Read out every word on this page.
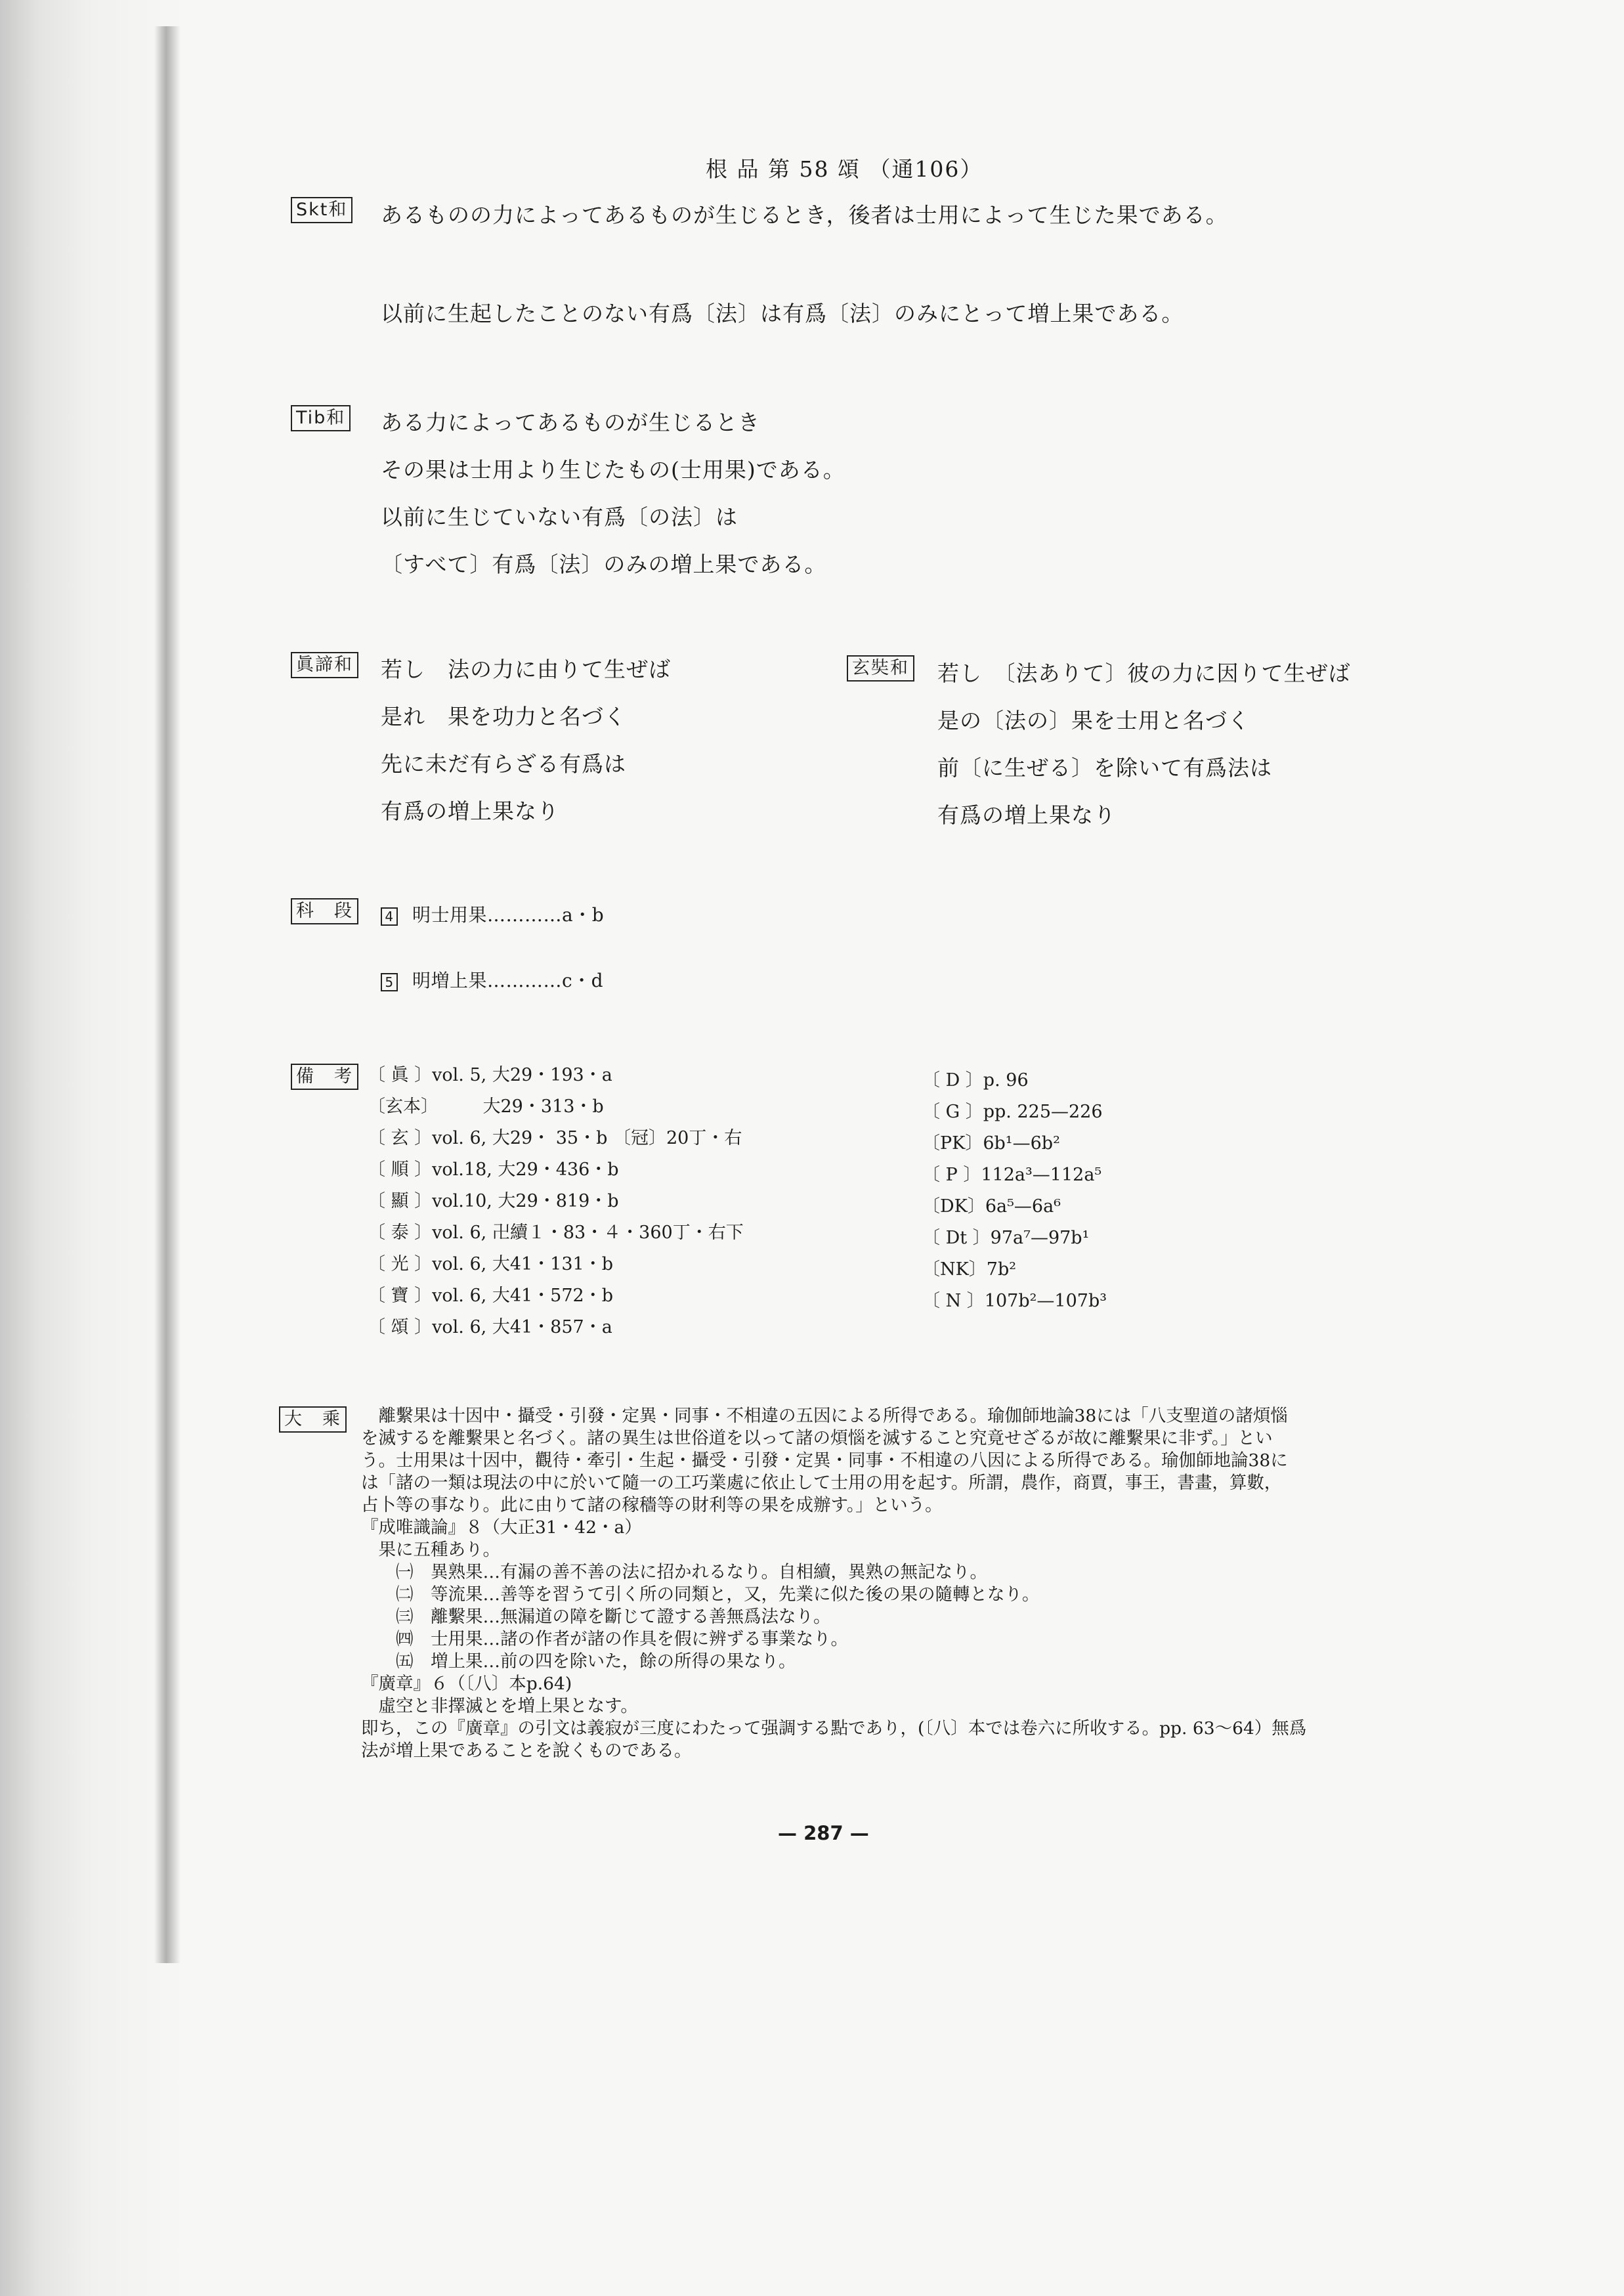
根 品 第 58 頌 （通106）
Skt和 あるものの力によってあるものが生じるとき，後者は士用によって生じた果である。
以前に生起したことのない有爲〔法〕は有爲〔法〕のみにとって増上果である。
Tib和 ある力によってあるものが生じるとき
その果は士用より生じたもの(士用果)である。
以前に生じていない有爲〔の法〕は
〔すべて〕有爲〔法〕のみの増上果である。
眞諦和 若し　法の力に由りて生ぜば
是れ　果を功力と名づく
先に未だ有らざる有爲は
有爲の増上果なり
玄奘和 若し　〔法ありて〕彼の力に因りて生ぜば
是の〔法の〕果を士用と名づく
前〔に生ぜる〕を除いて有爲法は
有爲の増上果なり
科　段	4 明士用果…………a・b
5 明増上果…………c・d
備　考 〔 眞 〕vol. 5, 大29・193・a
〔玄本〕　　　大29・313・b
〔 玄 〕vol. 6, 大29・ 35・b 〔冠〕20丁・右
〔 順 〕vol.18, 大29・436・b
〔 顯 〕vol.10, 大29・819・b
〔 泰 〕vol. 6, 卍續１・83・４・360丁・右下
〔 光 〕vol. 6, 大41・131・b
〔 寶 〕vol. 6, 大41・572・b
〔 頌 〕vol. 6, 大41・857・a
〔 D 〕p. 96
〔 G 〕pp. 225—226
〔PK〕6b¹—6b²
〔 P 〕112a³—112a⁵
〔DK〕6a⁵—6a⁶
〔 Dt 〕97a⁷—97b¹
〔NK〕7b²
〔 N 〕107b²—107b³
大　乘	　離繫果は十因中・攝受・引發・定異・同事・不相違の五因による所得である。瑜伽師地論38には「八支聖道の諸煩惱
を滅するを離繫果と名づく。諸の異生は世俗道を以って諸の煩惱を滅すること究竟せざるが故に離繫果に非ず。」とい
う。士用果は十因中，觀待・牽引・生起・攝受・引發・定異・同事・不相違の八因による所得である。瑜伽師地論38に
は「諸の一類は現法の中に於いて隨一の工巧業處に依止して士用の用を起す。所謂，農作，商賈，事王，書畫，算數，
占卜等の事なり。此に由りて諸の稼穡等の財利等の果を成辦す。」という。
『成唯識論』８（大正31・42・a）
　果に五種あり。
　　㈠　異熟果…有漏の善不善の法に招かれるなり。自相續，異熟の無記なり。
　　㈡　等流果…善等を習うて引く所の同類と，又，先業に似た後の果の隨轉となり。
　　㈢　離繫果…無漏道の障を斷じて證する善無爲法なり。
　　㈣　士用果…諸の作者が諸の作具を假に辨ずる事業なり。
　　㈤　増上果…前の四を除いた，餘の所得の果なり。
『廣章』６（〔八〕本p.64)
　虛空と非擇滅とを増上果となす。
即ち，この『廣章』の引文は義寂が三度にわたって强調する點であり，(〔八〕本では卷六に所收する。pp. 63～64）無爲
法が増上果であることを說くものである。
— 287 —
